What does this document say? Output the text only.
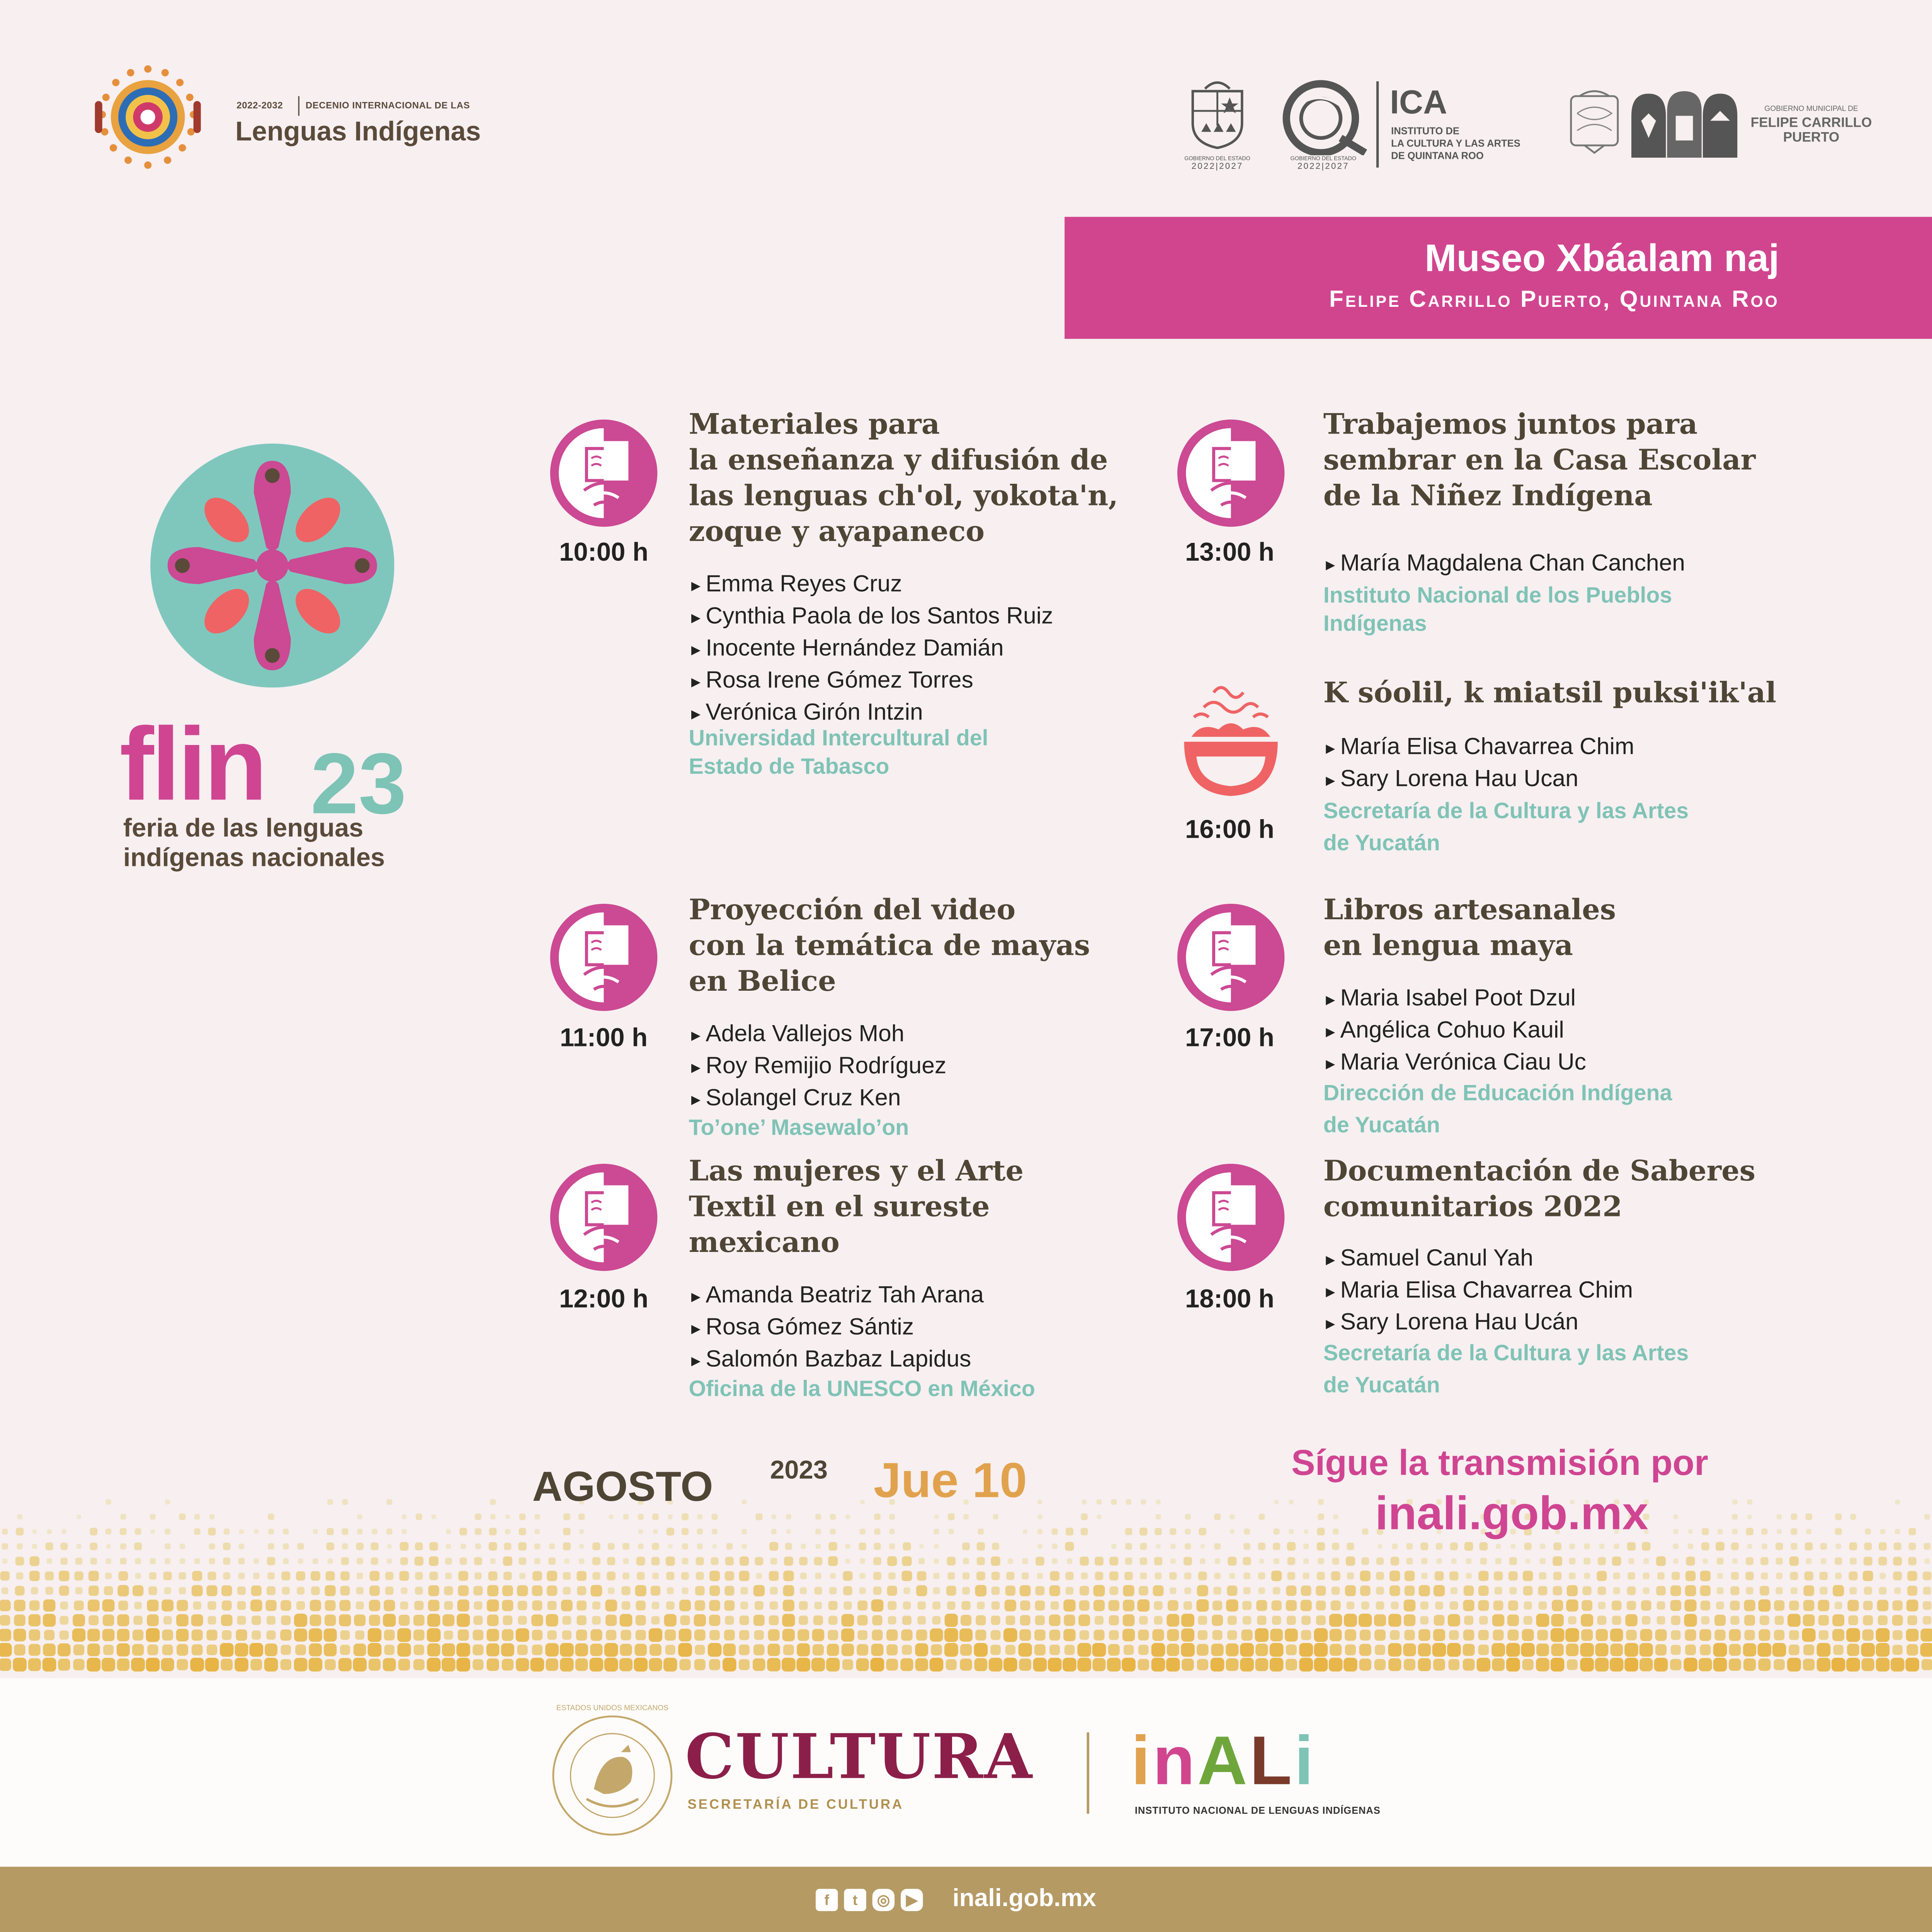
2022-2032	DECENIO INTERNACIONAL DE LAS
Lenguas Indígenas
GOBIERNO DEL ESTADO
2022|2027
GOBIERNO DEL ESTADO
2022|2027
ICA
INSTITUTO DE
LA CULTURA Y LAS ARTES
DE QUINTANA ROO
GOBIERNO MUNICIPAL DE
FELIPE CARRILLO
PUERTO
Museo Xbáalam naj
Felipe Carrillo Puerto, Quintana Roo
flin 23
feria de las lenguas
indígenas nacionales
10:00 h
Materiales para
la enseñanza y difusión de
las lenguas ch'ol, yokota'n,
zoque y ayapaneco
▸ Emma Reyes Cruz
▸ Cynthia Paola de los Santos Ruiz
▸ Inocente Hernández Damián
▸ Rosa Irene Gómez Torres
▸ Verónica Girón Intzin
Universidad Intercultural del
Estado de Tabasco
11:00 h
Proyección del video
con la temática de mayas
en Belice
▸ Adela Vallejos Moh
▸ Roy Remijio Rodríguez
▸ Solangel Cruz Ken
To’one’ Masewalo’on
12:00 h
Las mujeres y el Arte
Textil en el sureste
mexicano
▸ Amanda Beatriz Tah Arana
▸ Rosa Gómez Sántiz
▸ Salomón Bazbaz Lapidus
Oficina de la UNESCO en México
13:00 h
Trabajemos juntos para
sembrar en la Casa Escolar
de la Niñez Indígena
▸ María Magdalena Chan Canchen
Instituto Nacional de los Pueblos
Indígenas
16:00 h
K sóolil, k miatsil puksi'ik'al
▸ María Elisa Chavarrea Chim
▸ Sary Lorena Hau Ucan
Secretaría de la Cultura y las Artes
de Yucatán
17:00 h
Libros artesanales
en lengua maya
▸ Maria Isabel Poot Dzul
▸ Angélica Cohuo Kauil
▸ Maria Verónica Ciau Uc
Dirección de Educación Indígena
de Yucatán
18:00 h
Documentación de Saberes
comunitarios 2022
▸ Samuel Canul Yah
▸ Maria Elisa Chavarrea Chim
▸ Sary Lorena Hau Ucán
Secretaría de la Cultura y las Artes
de Yucatán
AGOSTO	2023	Jue 10	Sígue la transmisión por
inali.gob.mx
ESTADOS UNIDOS MEXICANOS
CULTURA
SECRETARÍA DE CULTURA
inALi
INSTITUTO NACIONAL DE LENGUAS INDÍGENAS
f	t	◎	▶	inali.gob.mx
